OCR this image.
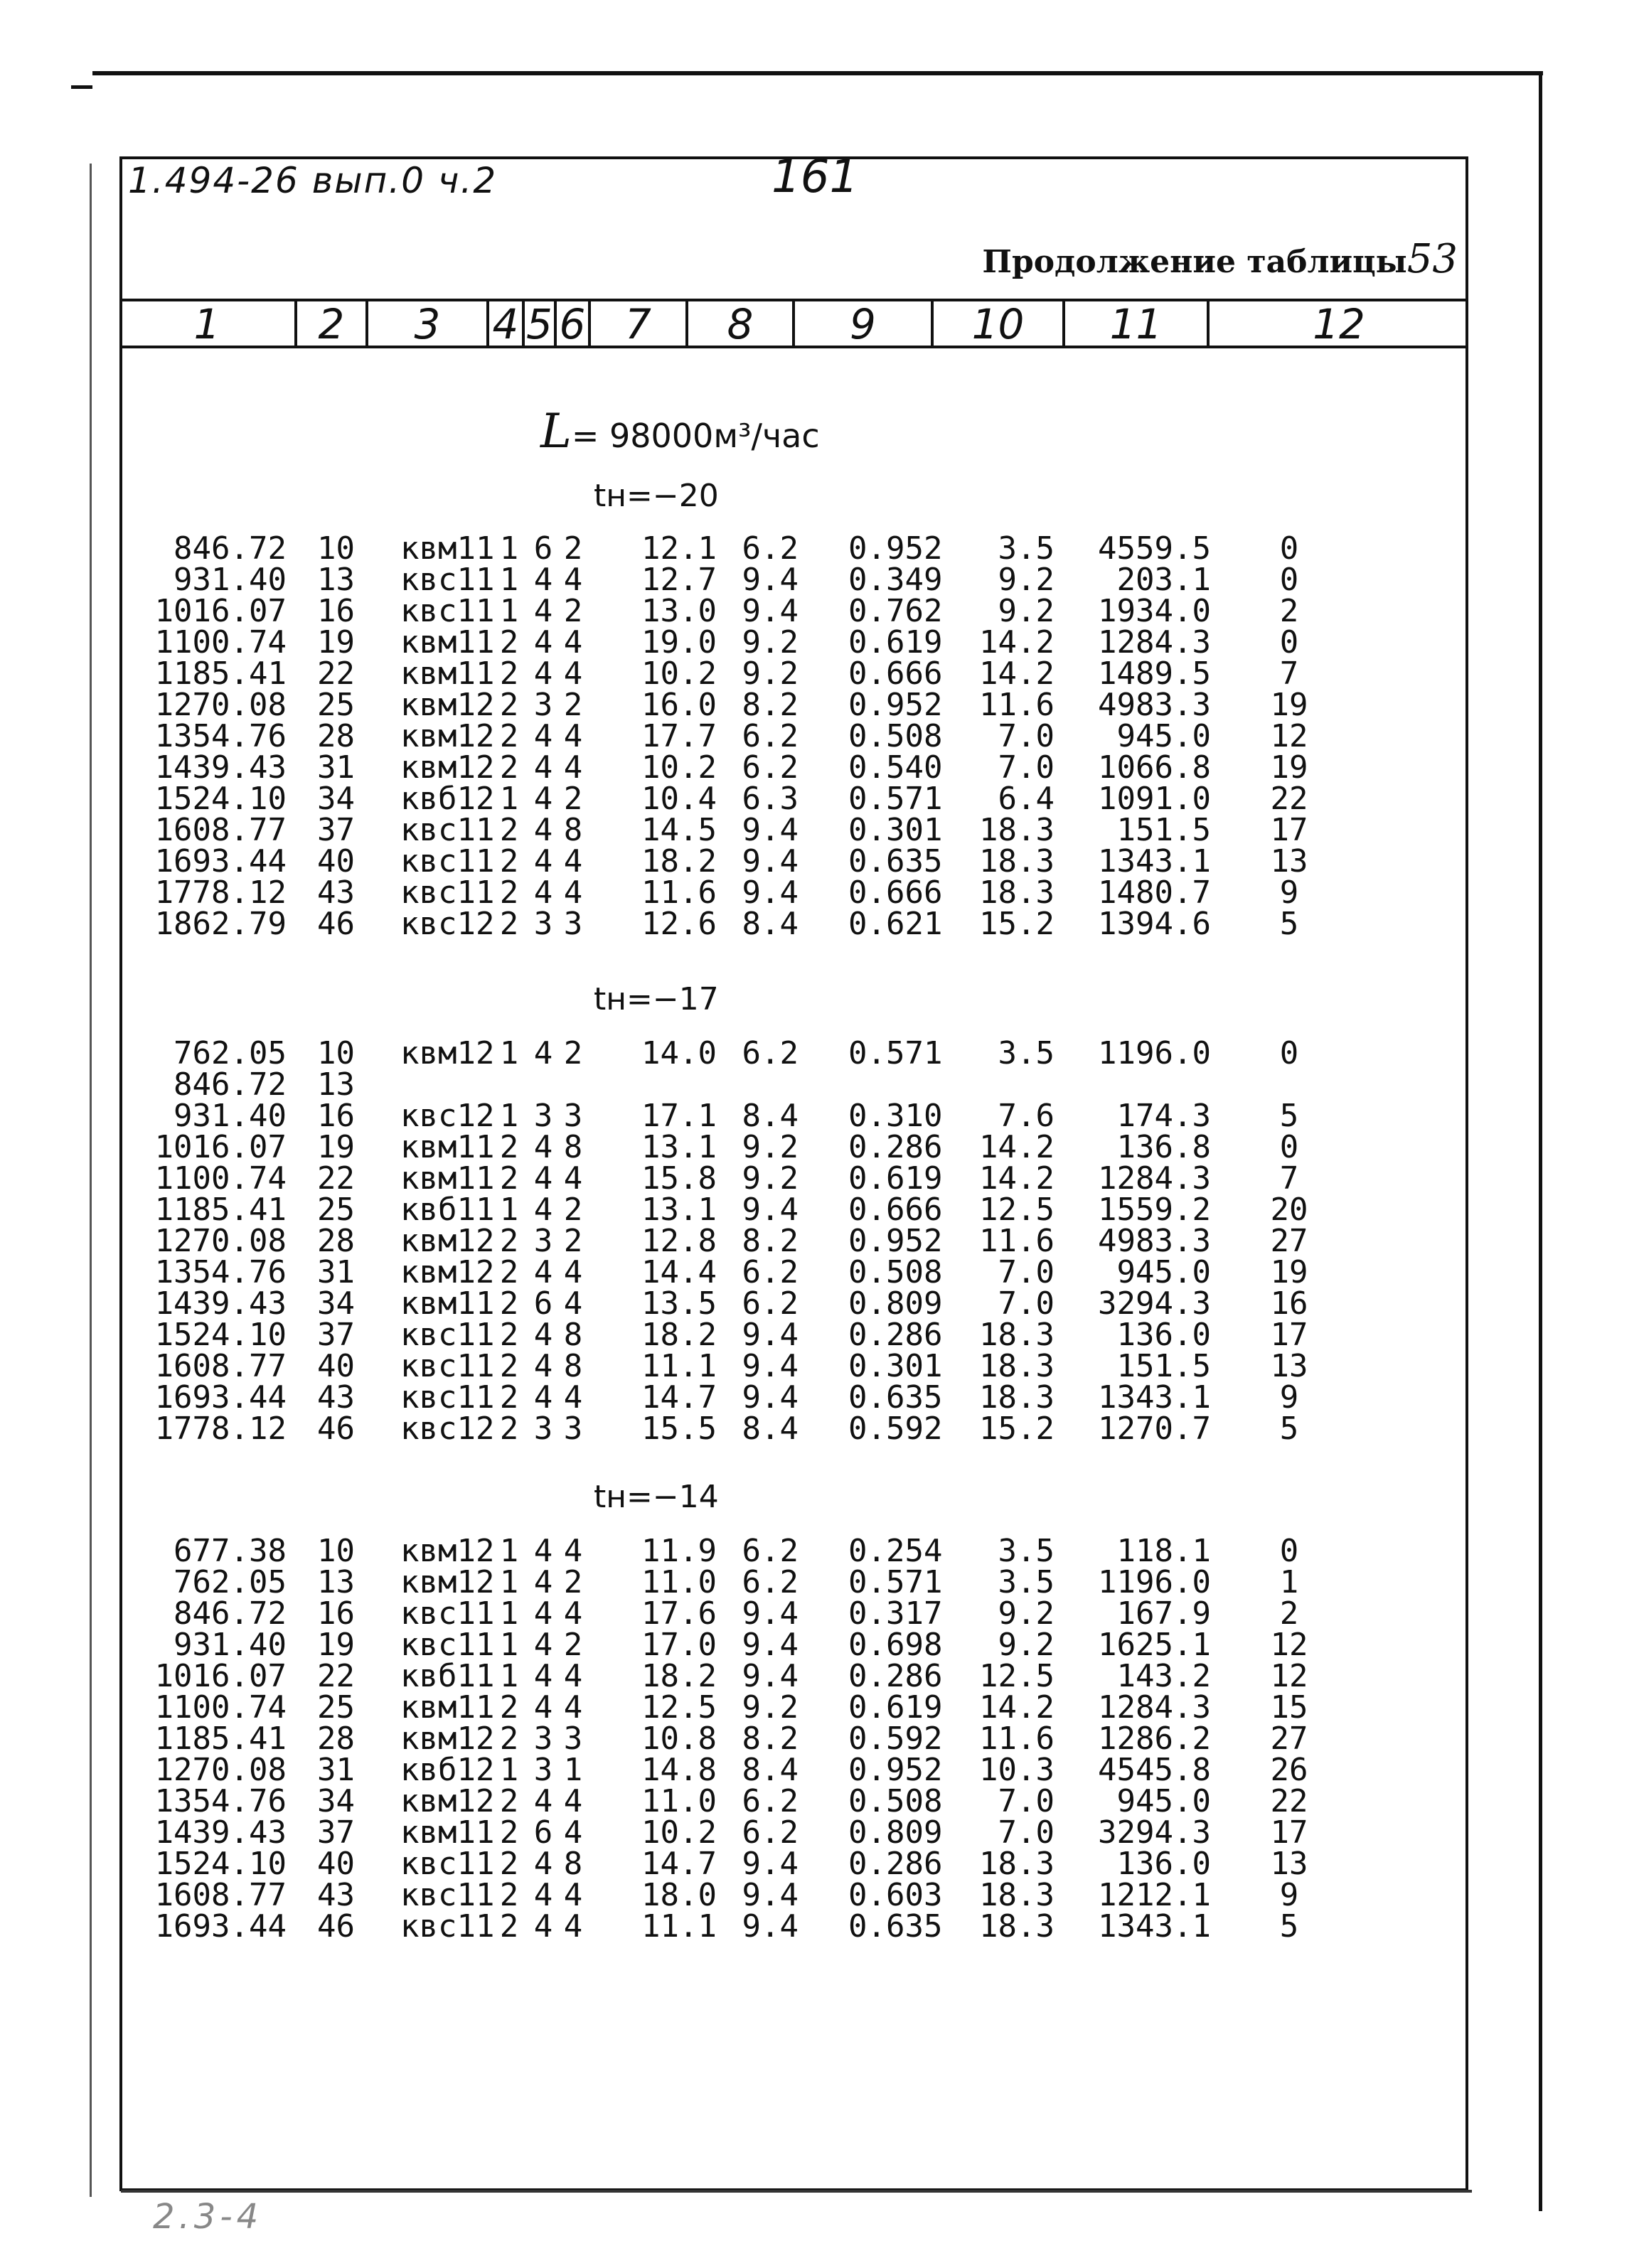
1.494-26 вып.0 ч.2	161
Продолжение таблицы53
1	2	3	4 5 6 7	8	9	10	11	12
L= 98000м³/час
tн=−20
846.72 10 квм11 1 6 2	12.1 6.2 0.952 3.5 4559.5	0
931.40 13 квс11 1 4 4	12.7 9.4 0.349 9.2 203.1	0
1016.07 16 квс11 1 4 2	13.0 9.4 0.762 9.2 1934.0	2
1100.74 19 квм11 2 4 4	19.0 9.2 0.619 14.2 1284.3	0
1185.41 22 квм11 2 4 4	10.2 9.2 0.666 14.2 1489.5	7
1270.08 25 квм12 2 3 2	16.0 8.2 0.952 11.6 4983.3 19
1354.76 28 квм12 2 4 4	17.7 6.2 0.508 7.0 945.0 12
1439.43 31 квм12 2 4 4	10.2 6.2 0.540 7.0 1066.8 19
1524.10 34 квб12 1 4 2	10.4 6.3 0.571 6.4 1091.0 22
1608.77 37 квс11 2 4 8	14.5 9.4 0.301 18.3 151.5 17
1693.44 40 квс11 2 4 4	18.2 9.4 0.635 18.3 1343.1 13
1778.12 43 квс11 2 4 4	11.6 9.4 0.666 18.3 1480.7	9
1862.79 46 квс12 2 3 3	12.6 8.4 0.621 15.2 1394.6	5
tн=−17
762.05 10 квм12 1 4 2	14.0 6.2 0.571 3.5 1196.0	0
846.72 13
931.40 16 квс12 1 3 3	17.1 8.4 0.310 7.6 174.3	5
1016.07 19 квм11 2 4 8	13.1 9.2 0.286 14.2 136.8	0
1100.74 22 квм11 2 4 4	15.8 9.2 0.619 14.2 1284.3	7
1185.41 25 квб11 1 4 2	13.1 9.4 0.666 12.5 1559.2 20
1270.08 28 квм12 2 3 2	12.8 8.2 0.952 11.6 4983.3 27
1354.76 31 квм12 2 4 4	14.4 6.2 0.508 7.0 945.0 19
1439.43 34 квм11 2 6 4	13.5 6.2 0.809 7.0 3294.3 16
1524.10 37 квс11 2 4 8	18.2 9.4 0.286 18.3 136.0 17
1608.77 40 квс11 2 4 8	11.1 9.4 0.301 18.3 151.5 13
1693.44 43 квс11 2 4 4	14.7 9.4 0.635 18.3 1343.1	9
1778.12 46 квс12 2 3 3	15.5 8.4 0.592 15.2 1270.7	5
tн=−14
677.38 10 квм12 1 4 4	11.9 6.2 0.254 3.5 118.1	0
762.05 13 квм12 1 4 2	11.0 6.2 0.571 3.5 1196.0	1
846.72 16 квс11 1 4 4	17.6 9.4 0.317 9.2 167.9	2
931.40 19 квс11 1 4 2	17.0 9.4 0.698 9.2 1625.1 12
1016.07 22 квб11 1 4 4	18.2 9.4 0.286 12.5 143.2 12
1100.74 25 квм11 2 4 4	12.5 9.2 0.619 14.2 1284.3 15
1185.41 28 квм12 2 3 3	10.8 8.2 0.592 11.6 1286.2 27
1270.08 31 квб12 1 3 1	14.8 8.4 0.952 10.3 4545.8 26
1354.76 34 квм12 2 4 4	11.0 6.2 0.508 7.0 945.0 22
1439.43 37 квм11 2 6 4	10.2 6.2 0.809 7.0 3294.3 17
1524.10 40 квс11 2 4 8	14.7 9.4 0.286 18.3 136.0 13
1608.77 43 квс11 2 4 4	18.0 9.4 0.603 18.3 1212.1	9
1693.44 46 квс11 2 4 4	11.1 9.4 0.635 18.3 1343.1	5
2.3-4
